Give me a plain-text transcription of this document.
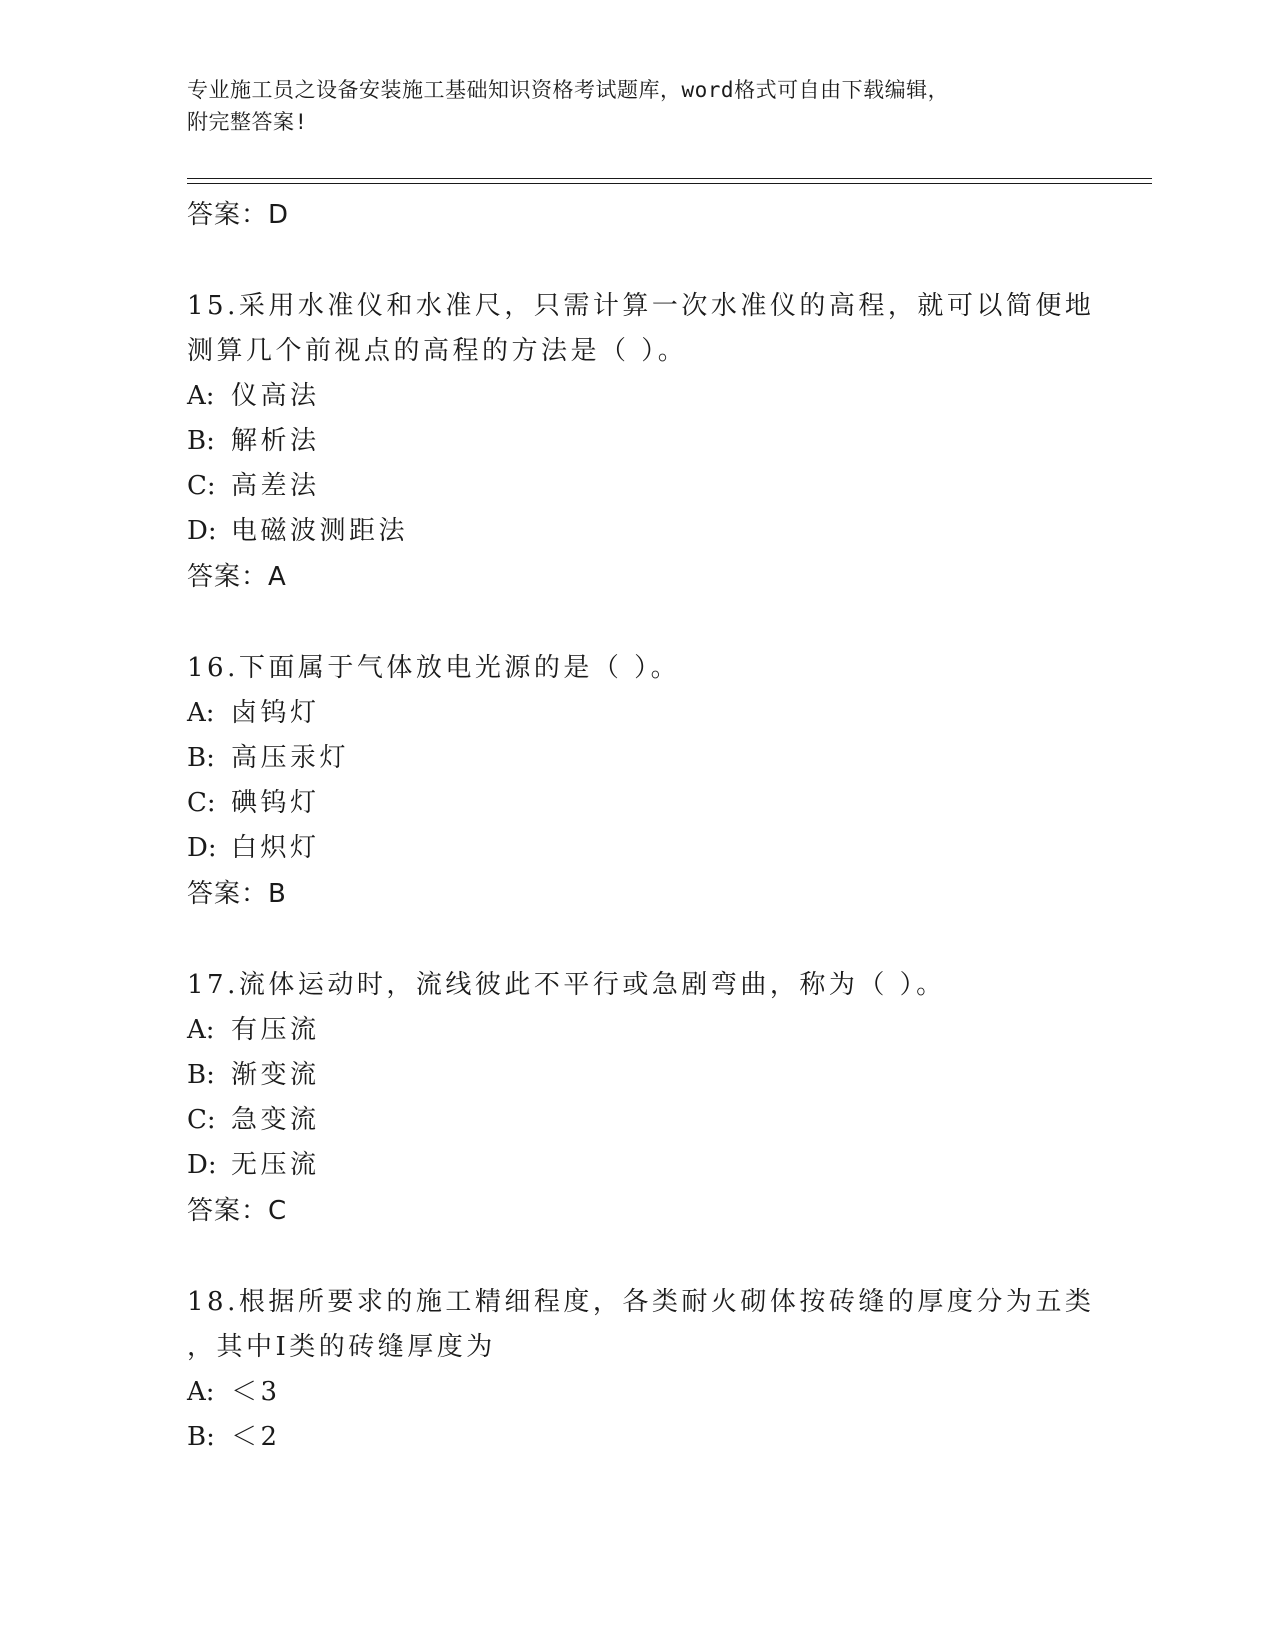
专业施工员之设备安装施工基础知识资格考试题库，word格式可自由下载编辑，
附完整答案!
答案：D
15.采用水准仪和水准尺，只需计算一次水准仪的高程，就可以简便地
测算几个前视点的高程的方法是（ ）。
A: 仪高法
B: 解析法
C: 高差法
D: 电磁波测距法
答案：A
16.下面属于气体放电光源的是（ ）。
A: 卤钨灯
B: 高压汞灯
C: 碘钨灯
D: 白炽灯
答案：B
17.流体运动时，流线彼此不平行或急剧弯曲，称为（ ）。
A: 有压流
B: 渐变流
C: 急变流
D: 无压流
答案：C
18.根据所要求的施工精细程度，各类耐火砌体按砖缝的厚度分为五类
，其中Ⅰ类的砖缝厚度为
A: ＜3
B: ＜2
